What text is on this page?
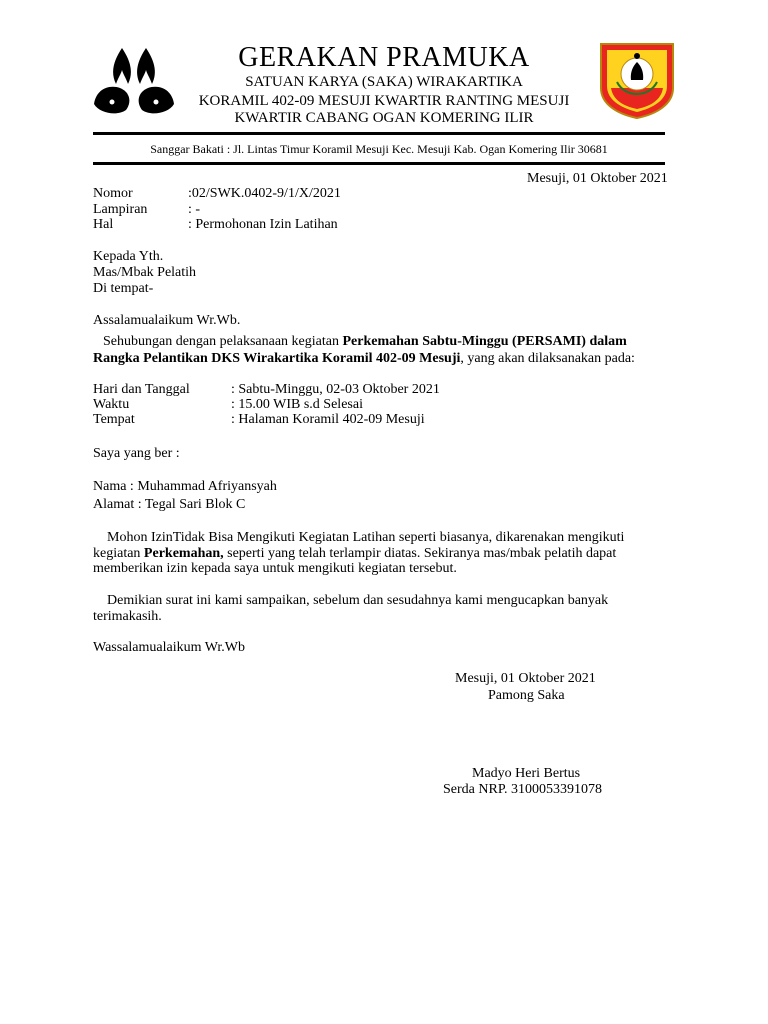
GERAKAN PRAMUKA
SATUAN KARYA (SAKA) WIRAKARTIKA
KORAMIL 402-09 MESUJI KWARTIR RANTING MESUJI
KWARTIR CABANG OGAN KOMERING ILIR
Sanggar Bakati : Jl. Lintas Timur Koramil Mesuji Kec. Mesuji Kab. Ogan Komering Ilir 30681
Mesuji, 01 Oktober 2021
Nomor	:02/SWK.0402-9/1/X/2021
Lampiran	: -
Hal	: Permohonan Izin Latihan
Kepada Yth.
Mas/Mbak Pelatih
Di tempat-
Assalamualaikum Wr.Wb.
Sehubungan dengan pelaksanaan kegiatan Perkemahan Sabtu-Minggu (PERSAMI) dalam
Rangka Pelantikan DKS Wirakartika Koramil 402-09 Mesuji, yang akan dilaksanakan pada:
Hari dan Tanggal	: Sabtu-Minggu, 02-03 Oktober 2021
Waktu	: 15.00 WIB s.d Selesai
Tempat	: Halaman Koramil 402-09 Mesuji
Saya yang ber :
Nama : Muhammad Afriyansyah
Alamat : Tegal Sari Blok C
Mohon IzinTidak Bisa Mengikuti Kegiatan Latihan seperti biasanya, dikarenakan mengikuti
kegiatan Perkemahan, seperti yang telah terlampir diatas. Sekiranya mas/mbak pelatih dapat
memberikan izin kepada saya untuk mengikuti kegiatan tersebut.
Demikian surat ini kami sampaikan, sebelum dan sesudahnya kami mengucapkan banyak
terimakasih.
Wassalamualaikum Wr.Wb
Mesuji, 01 Oktober 2021
Pamong Saka
Madyo Heri Bertus
Serda NRP. 3100053391078
